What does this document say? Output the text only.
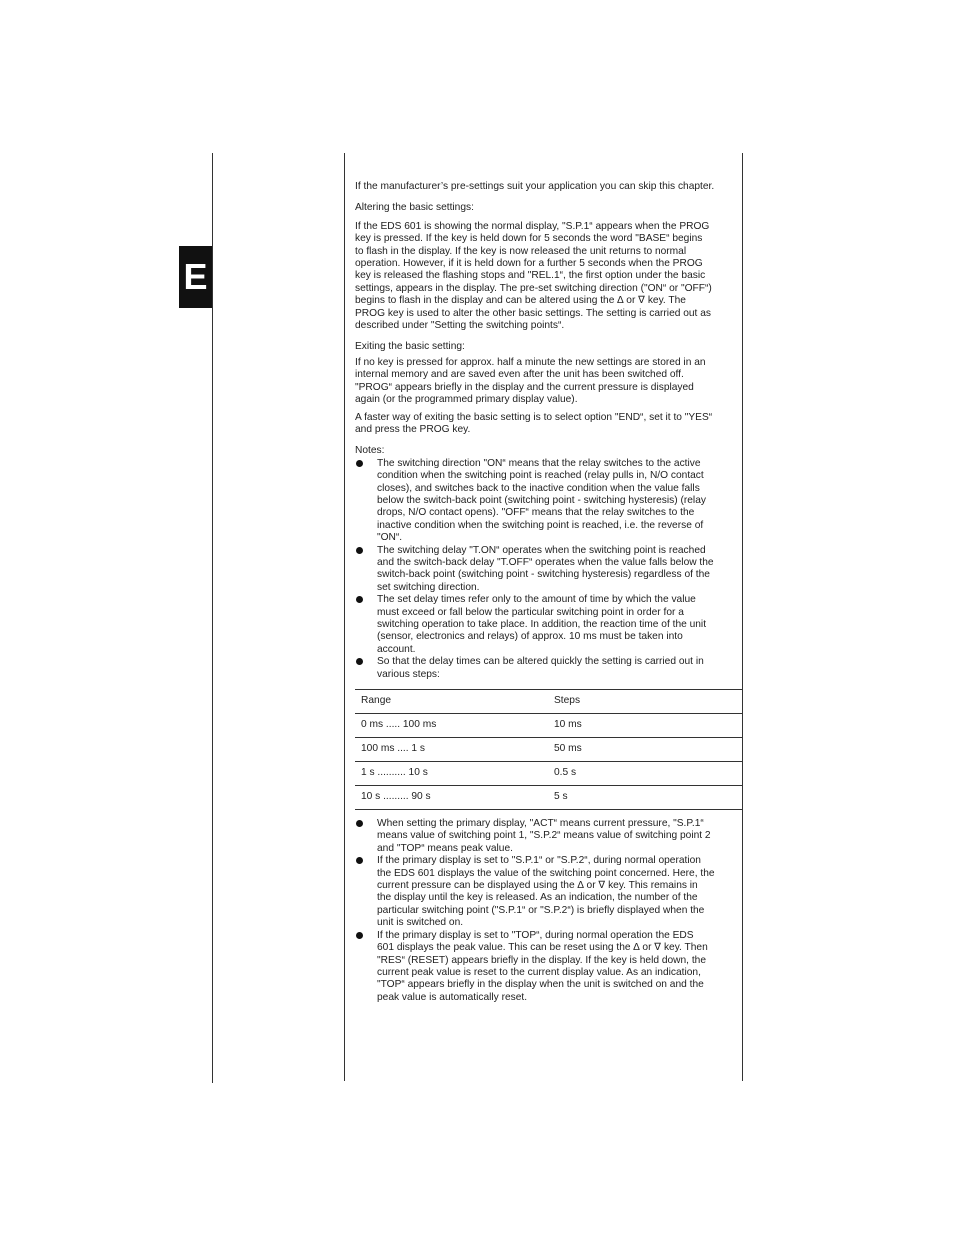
E

If the manufacturer’s pre-settings suit your application you can skip this chapter.

Altering the basic settings:

If the EDS 601 is showing the normal display, "S.P.1“ appears when the PROG

key is pressed. If the key is held down for 5 seconds the word "BASE“ begins

to flash in the display. If the key is now released the unit returns to normal

operation. However, if it is held down for a further 5 seconds when the PROG

key is released the flashing stops and "REL.1“, the first option under the basic

settings, appears in the display. The pre-set switching direction ("ON“ or "OFF“)

begins to flash in the display and can be altered using the ∆ or ∇ key. The

PROG key is used to alter the other basic settings. The setting is carried out as

described under "Setting the switching points“.

Exiting the basic setting:

If no key is pressed for approx. half a minute the new settings are stored in an

internal memory and are saved even after the unit has been switched off.

"PROG“ appears briefly in the display and the current pressure is displayed

again (or the programmed primary display value).

A faster way of exiting the basic setting is to select option "END“, set it to "YES“

and press the PROG key.

Notes:

The switching direction "ON“ means that the relay switches to the active

condition when the switching point is reached (relay pulls in, N/O contact

closes), and switches back to the inactive condition when the value falls

below the switch-back point (switching point - switching hysteresis) (relay

drops, N/O contact opens). "OFF“ means that the relay switches to the

inactive condition when the switching point is reached, i.e. the reverse of

"ON“.

The switching delay "T.ON“ operates when the switching point is reached

and the switch-back delay "T.OFF“ operates when the value falls below the

switch-back point (switching point - switching hysteresis) regardless of the

set switching direction.

The set delay times refer only to the amount of time by which the value

must exceed or fall below the particular switching point in order for a

switching operation to take place. In addition, the reaction time of the unit

(sensor, electronics and relays) of approx. 10 ms must be taken into

account.

So that the delay times can be altered quickly the setting is carried out in

various steps:

Range	Steps
0 ms ..... 100 ms	10 ms
100 ms .... 1 s	50 ms
1 s .......... 10 s	0.5 s
10 s ......... 90 s	5 s

When setting the primary display, "ACT“ means current pressure, "S.P.1“

means value of switching point 1, "S.P.2“ means value of switching point 2

and "TOP“ means peak value.

If the primary display is set to "S.P.1“ or "S.P.2“, during normal operation

the EDS 601 displays the value of the switching point concerned. Here, the

current pressure can be displayed using the ∆ or ∇ key. This remains in

the display until the key is released. As an indication, the number of the

particular switching point ("S.P.1“ or "S.P.2“) is briefly displayed when the

unit is switched on.

If the primary display is set to "TOP“, during normal operation the EDS

601 displays the peak value. This can be reset using the ∆ or ∇ key. Then

"RES“ (RESET) appears briefly in the display. If the key is held down, the

current peak value is reset to the current display value. As an indication,

"TOP“ appears briefly in the display when the unit is switched on and the

peak value is automatically reset.
